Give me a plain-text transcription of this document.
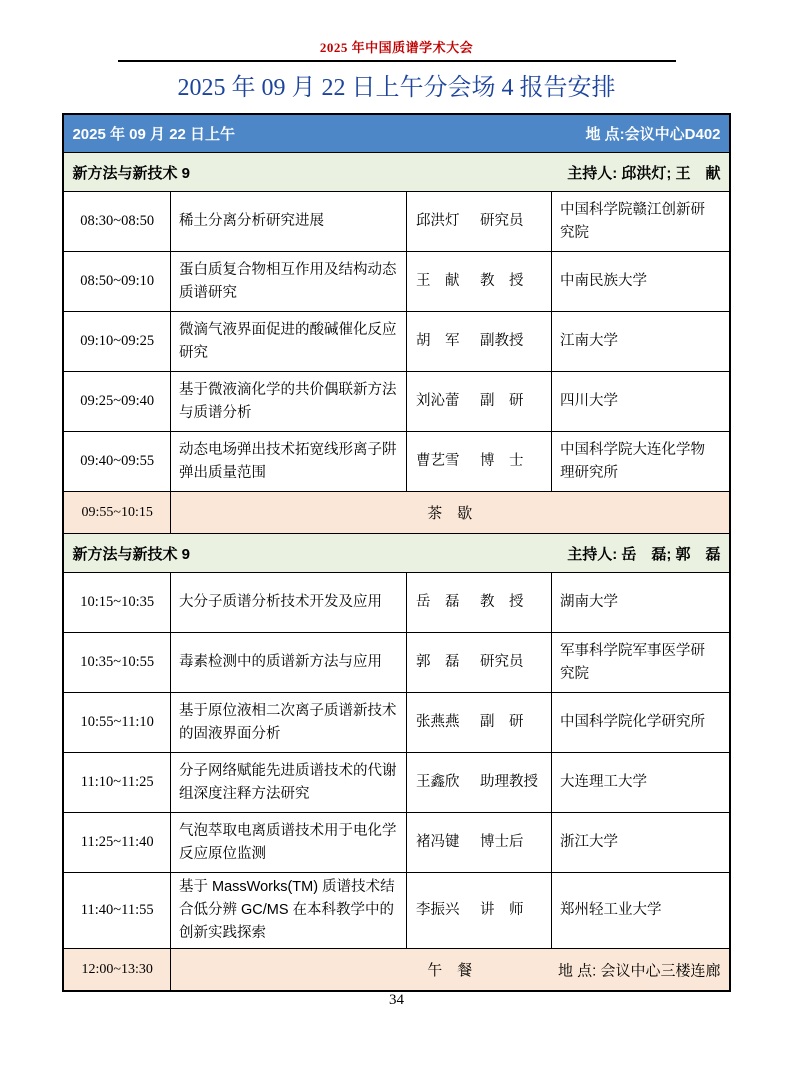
2025 年中国质谱学术大会
2025 年 09 月 22 日上午分会场 4 报告安排
2025 年 09 月 22 日上午 地 点:会议中心D402			

新方法与新技术 9 主持人: 邱洪灯; 王　献			

08:30~08:50	稀土分离分析研究进展	邱洪灯 研究员	中国科学院赣江创新研究院
08:50~09:10	蛋白质复合物相互作用及结构动态质谱研究	王　献 教　授	中南民族大学
09:10~09:25	微滴气液界面促进的酸碱催化反应研究	胡　军 副教授	江南大学
09:25~09:40	基于微液滴化学的共价偶联新方法与质谱分析	刘沁蕾 副　研	四川大学
09:40~09:55	动态电场弹出技术拓宽线形离子阱弹出质量范围	曹艺雪 博　士	中国科学院大连化学物理研究所
09:55~10:15	茶　歇		

新方法与新技术 9 主持人: 岳　磊; 郭　磊			

10:15~10:35	大分子质谱分析技术开发及应用	岳　磊 教　授	湖南大学
10:35~10:55	毒素检测中的质谱新方法与应用	郭　磊 研究员	军事科学院军事医学研究院
10:55~11:10	基于原位液相二次离子质谱新技术的固液界面分析	张燕燕 副　研	中国科学院化学研究所
11:10~11:25	分子网络赋能先进质谱技术的代谢组深度注释方法研究	王鑫欣 助理教授	大连理工大学
11:25~11:40	气泡萃取电离质谱技术用于电化学反应原位监测	褚冯键 博士后	浙江大学
11:40~11:55	基于 MassWorks(TM) 质谱技术结合低分辨 GC/MS 在本科教学中的创新实践探索	李振兴 讲　师	郑州轻工业大学
12:00~13:30	午　餐 地 点: 会议中心三楼连廊		
34
